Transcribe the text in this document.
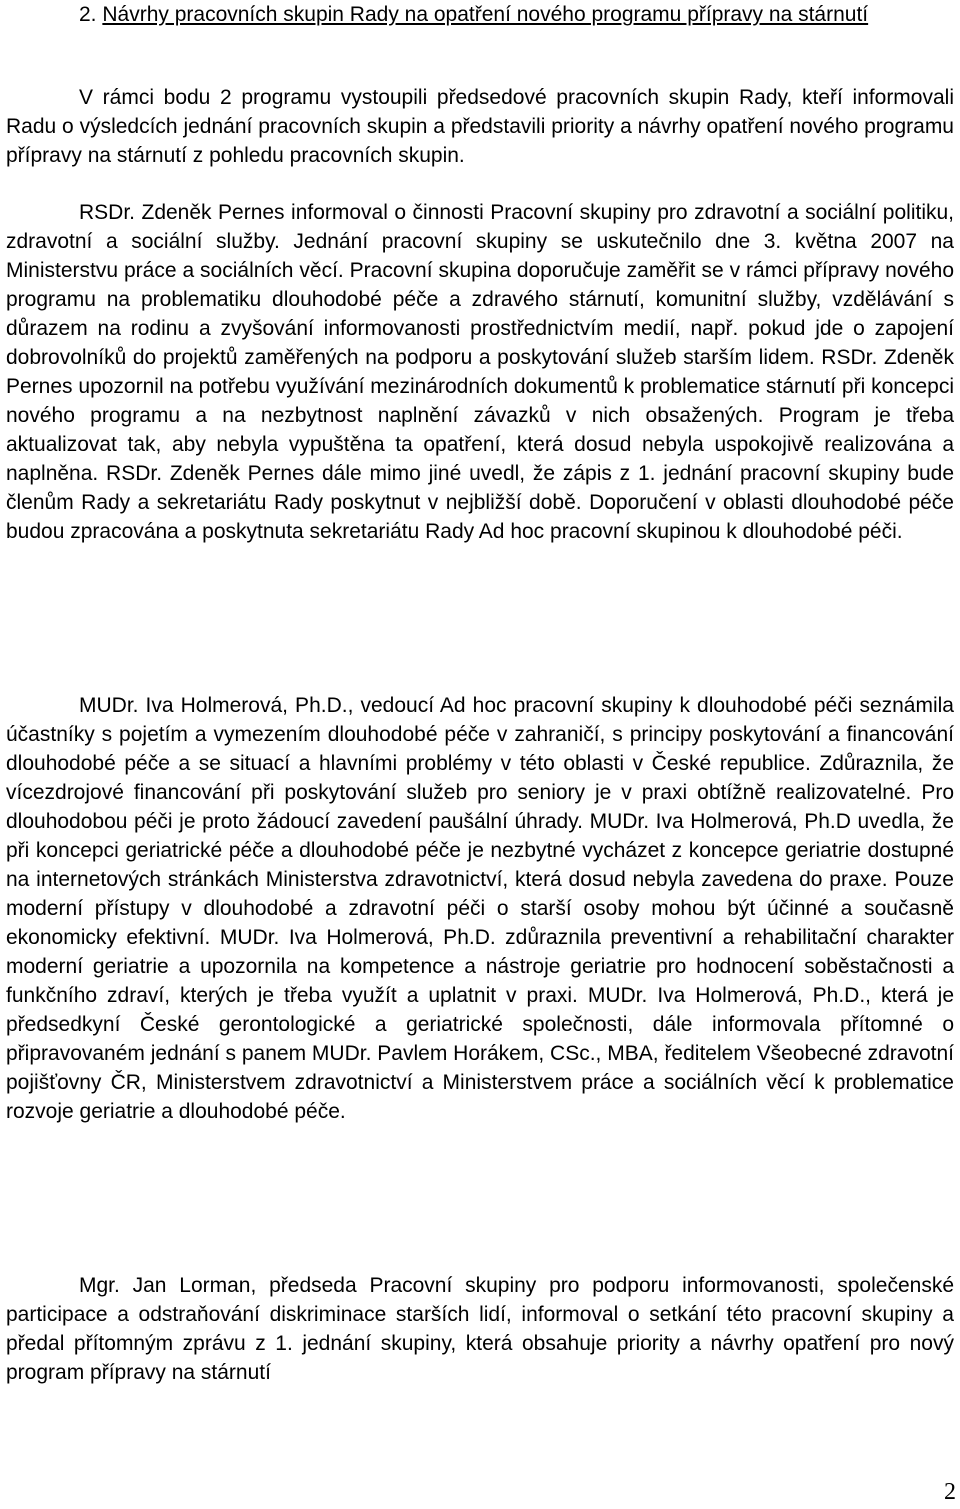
2. Návrhy pracovních skupin Rady na opatření nového programu přípravy na stárnutí

V rámci bodu 2 programu vystoupili předsedové pracovních skupin Rady, kteří informovali Radu o výsledcích jednání pracovních skupin a představili priority a návrhy opatření nového programu přípravy na stárnutí z pohledu pracovních skupin.

RSDr. Zdeněk Pernes informoval o činnosti Pracovní skupiny pro zdravotní a sociální politiku, zdravotní a sociální služby. Jednání pracovní skupiny se uskutečnilo dne 3. května 2007 na Ministerstvu práce a sociálních věcí. Pracovní skupina doporučuje zaměřit se v rámci přípravy nového programu na problematiku dlouhodobé péče a zdravého stárnutí, komunitní služby, vzdělávání s důrazem na rodinu a zvyšování informovanosti prostřednictvím medií, např. pokud jde o zapojení dobrovolníků do projektů zaměřených na podporu a poskytování služeb starším lidem. RSDr. Zdeněk Pernes upozornil na potřebu využívání mezinárodních dokumentů k problematice stárnutí při koncepci nového programu a na nezbytnost naplnění závazků v nich obsažených. Program je třeba aktualizovat tak, aby nebyla vypuštěna ta opatření, která dosud nebyla uspokojivě realizována a naplněna. RSDr. Zdeněk Pernes dále mimo jiné uvedl, že zápis z 1. jednání pracovní skupiny bude členům Rady a sekretariátu Rady poskytnut v nejbližší době. Doporučení v oblasti dlouhodobé péče budou zpracována a poskytnuta sekretariátu Rady Ad hoc pracovní skupinou k dlouhodobé péči.

MUDr. Iva Holmerová, Ph.D., vedoucí Ad hoc pracovní skupiny k dlouhodobé péči seznámila účastníky s pojetím a vymezením dlouhodobé péče v zahraničí, s principy poskytování a financování dlouhodobé péče a se situací a hlavními problémy v této oblasti v České republice. Zdůraznila, že vícezdrojové financování při poskytování služeb pro seniory je v praxi obtížně realizovatelné. Pro dlouhodobou péči je proto žádoucí zavedení paušální úhrady. MUDr. Iva Holmerová, Ph.D uvedla, že při koncepci geriatrické péče a dlouhodobé péče je nezbytné vycházet z koncepce geriatrie dostupné na internetových stránkách Ministerstva zdravotnictví, která dosud nebyla zavedena do praxe. Pouze moderní přístupy v dlouhodobé a zdravotní péči o starší osoby mohou být účinné a současně ekonomicky efektivní. MUDr. Iva Holmerová, Ph.D. zdůraznila preventivní a rehabilitační charakter moderní geriatrie a upozornila na kompetence a nástroje geriatrie pro hodnocení soběstačnosti a funkčního zdraví, kterých je třeba využít a uplatnit v praxi. MUDr. Iva Holmerová, Ph.D., která je předsedkyní České gerontologické a geriatrické společnosti, dále informovala přítomné o připravovaném jednání s panem MUDr. Pavlem Horákem, CSc., MBA, ředitelem Všeobecné zdravotní pojišťovny ČR, Ministerstvem zdravotnictví a Ministerstvem práce a sociálních věcí k problematice rozvoje geriatrie a dlouhodobé péče.

Mgr. Jan Lorman, předseda Pracovní skupiny pro podporu informovanosti, společenské participace a odstraňování diskriminace starších lidí, informoval o setkání této pracovní skupiny a předal přítomným zprávu z 1. jednání skupiny, která obsahuje priority a návrhy opatření pro nový program přípravy na stárnutí

2
